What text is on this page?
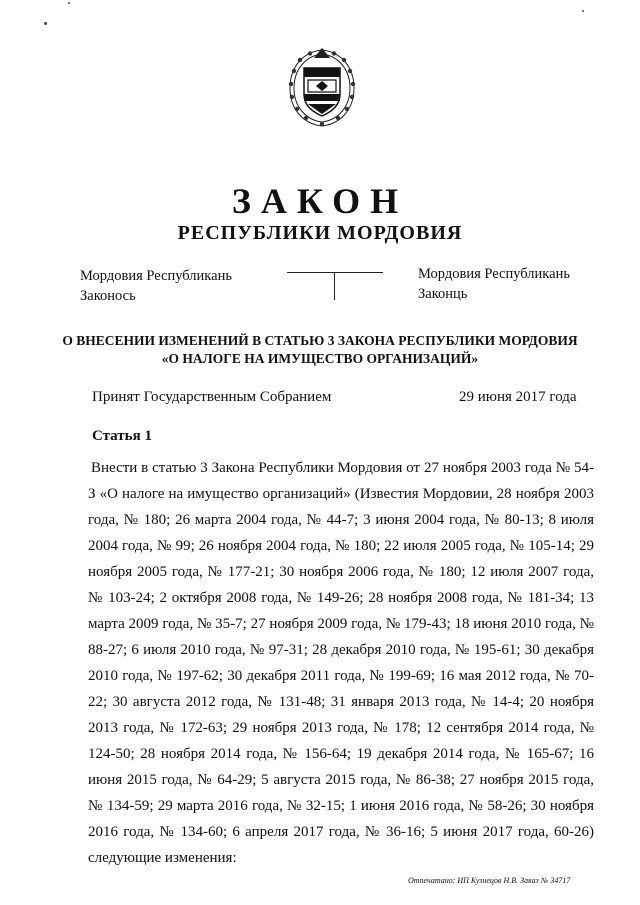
ЗАКОН
РЕСПУБЛИКИ МОРДОВИЯ
Мордовия Республикань
Законось
Мордовия Республикань
Законць
О ВНЕСЕНИИ ИЗМЕНЕНИЙ В СТАТЬЮ 3 ЗАКОНА РЕСПУБЛИКИ МОРДОВИЯ
«О НАЛОГЕ НА ИМУЩЕСТВО ОРГАНИЗАЦИЙ»
Принят Государственным Собранием	29 июня 2017 года
Статья 1

Внести в статью 3 Закона Республики Мордовия от 27 ноября 2003 года № 54-З «О налоге на имущество организаций» (Известия Мордовии, 28 ноября 2003 года, № 180; 26 марта 2004 года, № 44-7; 3 июня 2004 года, № 80-13; 8 июля 2004 года, № 99; 26 ноября 2004 года, № 180; 22 июля 2005 года, № 105-14; 29 ноября 2005 года, № 177-21; 30 ноября 2006 года, № 180; 12 июля 2007 года, № 103-24; 2 октября 2008 года, № 149-26; 28 ноября 2008 года, № 181-34; 13 марта 2009 года, № 35-7; 27 ноября 2009 года, № 179-43; 18 июня 2010 года, № 88-27; 6 июля 2010 года, № 97-31; 28 декабря 2010 года, № 195-61; 30 декабря 2010 года, № 197-62; 30 декабря 2011 года, № 199-69; 16 мая 2012 года, № 70-22; 30 августа 2012 года, № 131-48; 31 января 2013 года, № 14-4; 20 ноября 2013 года, № 172-63; 29 ноября 2013 года, № 178; 12 сентября 2014 года, № 124-50; 28 ноября 2014 года, № 156-64; 19 декабря 2014 года, № 165-67; 16 июня 2015 года, № 64-29; 5 августа 2015 года, № 86-38; 27 ноября 2015 года, № 134-59; 29 марта 2016 года, № 32-15; 1 июня 2016 года, № 58-26; 30 ноября 2016 года, № 134-60; 6 апреля 2017 года, № 36-16; 5 июня 2017 года, 60-26) следующие изменения:

Отпечатано: ИП Кузнецов Н.В. Заказ № 34717
